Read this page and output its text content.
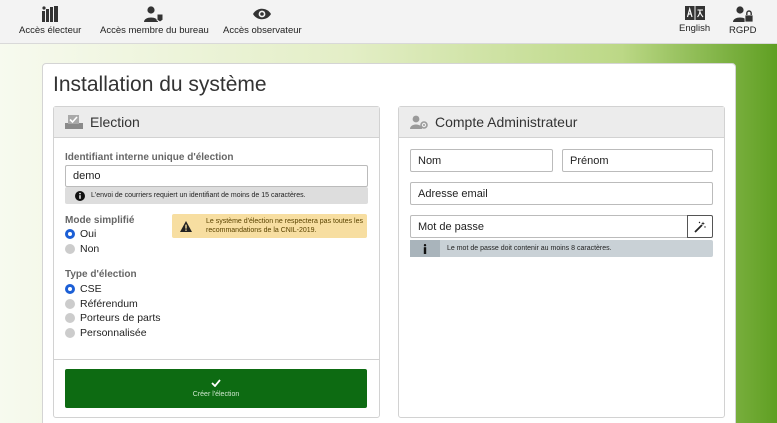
Accès électeur Accès membre du bureau Accès observateur	English RGPD
Installation du système
Election
Identifiant interne unique d'élection
demo
L'envoi de courriers requiert un identifiant de moins de 15 caractères.
Mode simplifié
Oui
Non
Le système d'élection ne respectera pas toutes les recommandations de la CNIL-2019.
Type d'élection
CSE
Référendum
Porteurs de parts
Personnalisée
Créer l'élection
Compte Administrateur
Nom	Prénom
Adresse email
Mot de passe
Le mot de passe doit contenir au moins 8 caractères.
